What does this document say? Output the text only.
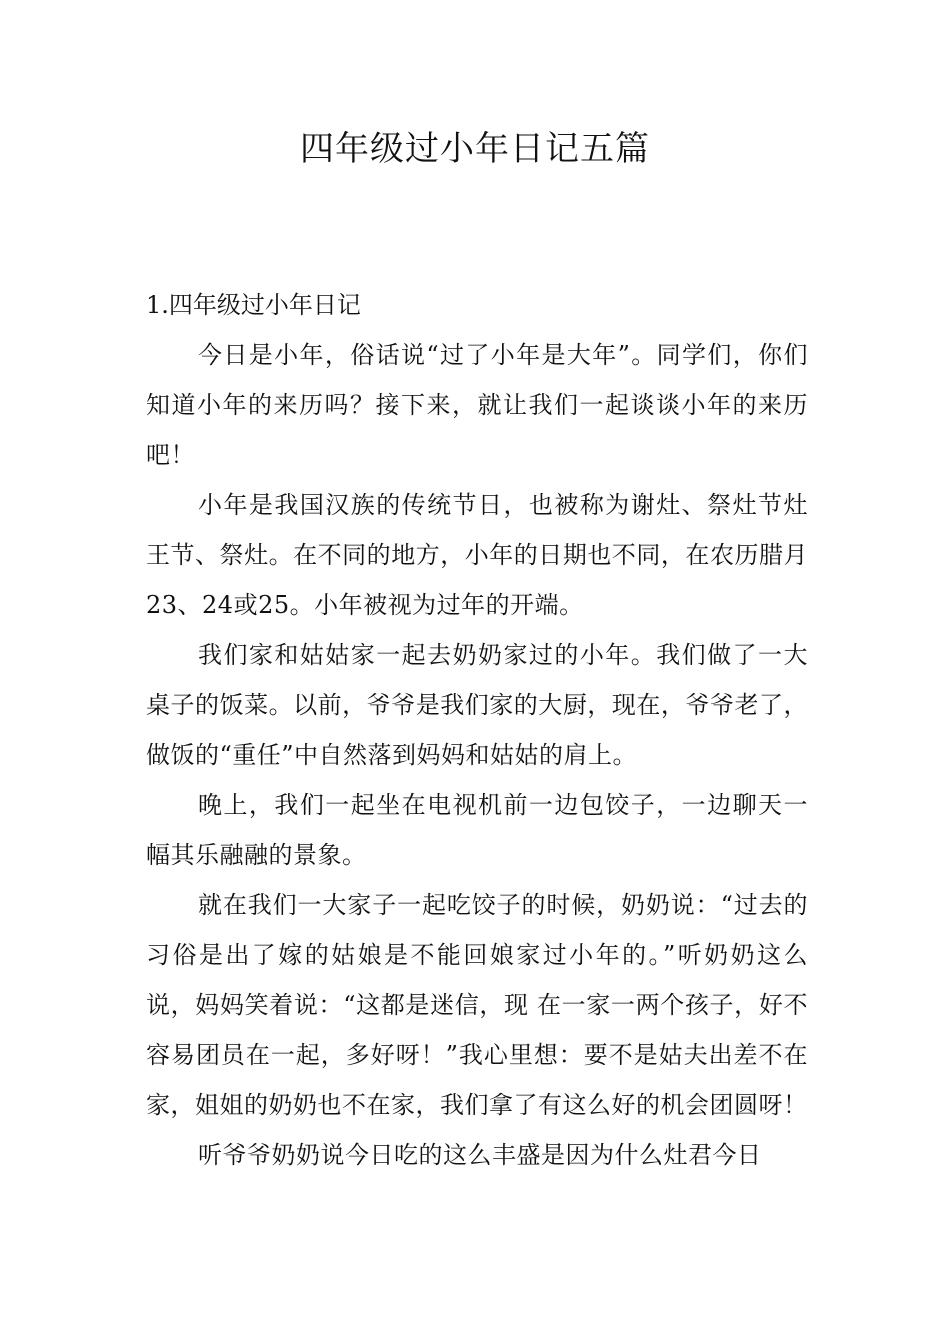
四年级过小年日记五篇

1.四年级过小年日记

今日是小年，俗话说“过了小年是大年”。同学们，你们知道小年的来历吗？接下来，就让我们一起谈谈小年的来历吧！

小年是我国汉族的传统节日，也被称为谢灶、祭灶节灶王节、祭灶。在不同的地方，小年的日期也不同，在农历腊月23、24或25。小年被视为过年的开端。

我们家和姑姑家一起去奶奶家过的小年。我们做了一大桌子的饭菜。以前，爷爷是我们家的大厨，现在，爷爷老了，做饭的“重任”中自然落到妈妈和姑姑的肩上。

晚上，我们一起坐在电视机前一边包饺子，一边聊天一幅其乐融融的景象。

就在我们一大家子一起吃饺子的时候，奶奶说：“过去的习俗是出了嫁的姑娘是不能回娘家过小年的。”听奶奶这么说，妈妈笑着说：“这都是迷信，现 在一家一两个孩子，好不容易团员在一起，多好呀！”我心里想：要不是姑夫出差不在家，姐姐的奶奶也不在家，我们拿了有这么好的机会团圆呀！

听爷爷奶奶说今日吃的这么丰盛是因为什么灶君今日
